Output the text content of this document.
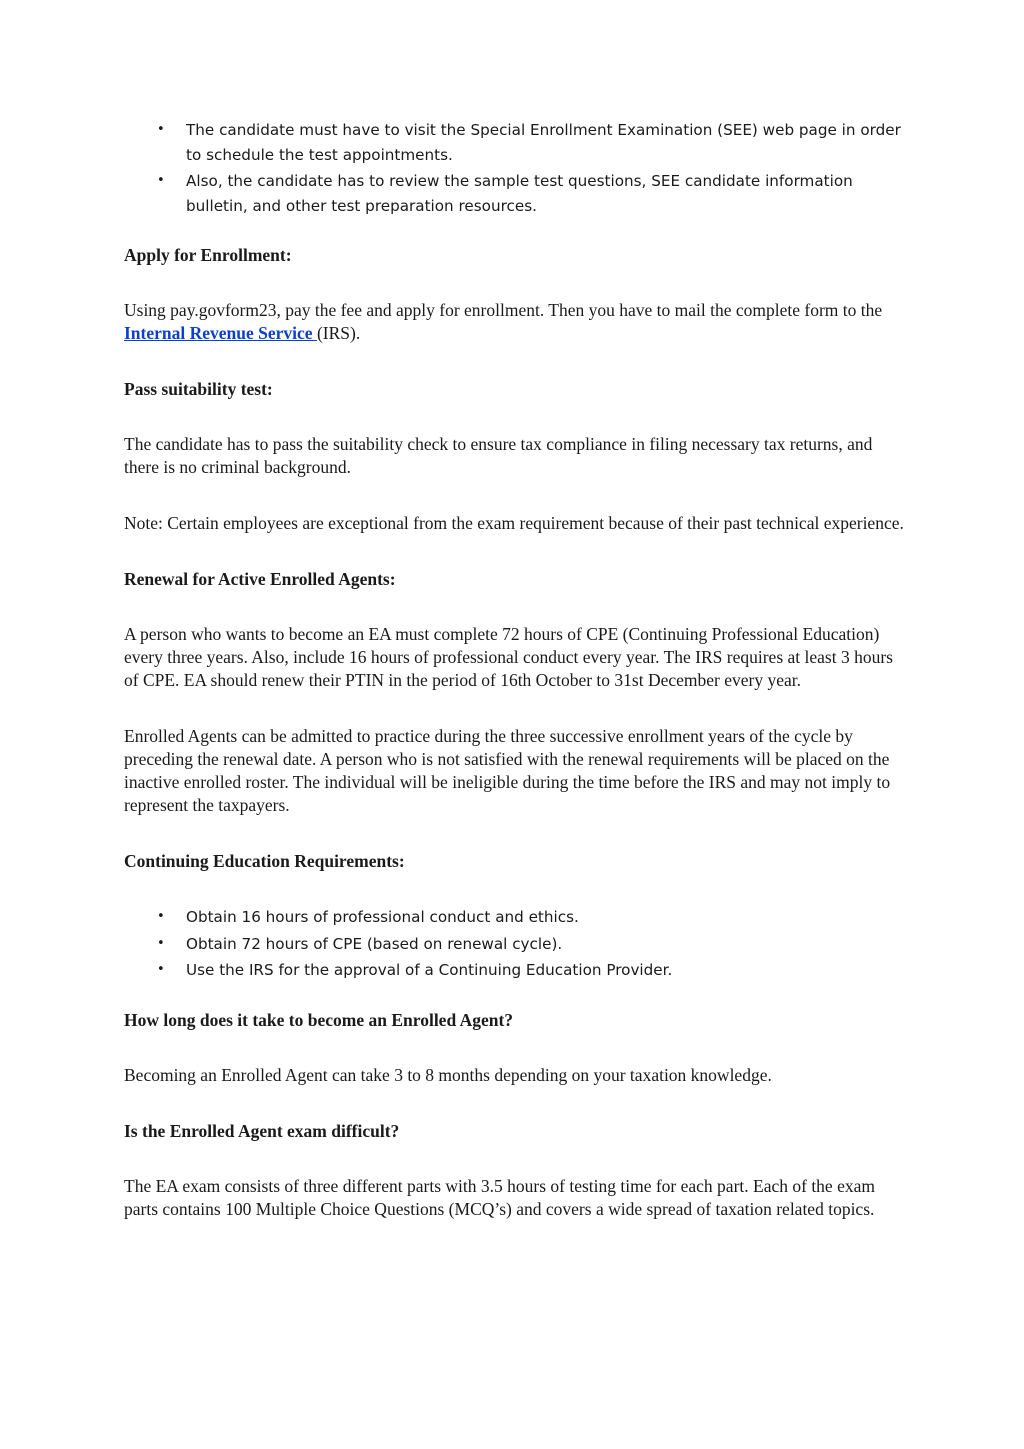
• The candidate must have to visit the Special Enrollment Examination (SEE) web page in order to schedule the test appointments.
• Also, the candidate has to review the sample test questions, SEE candidate information bulletin, and other test preparation resources.

Apply for Enrollment:

Using pay.govform23, pay the fee and apply for enrollment. Then you have to mail the complete form to the Internal Revenue Service (IRS).

Pass suitability test:

The candidate has to pass the suitability check to ensure tax compliance in filing necessary tax returns, and there is no criminal background.

Note: Certain employees are exceptional from the exam requirement because of their past technical experience.

Renewal for Active Enrolled Agents:

A person who wants to become an EA must complete 72 hours of CPE (Continuing Professional Education) every three years. Also, include 16 hours of professional conduct every year. The IRS requires at least 3 hours of CPE. EA should renew their PTIN in the period of 16th October to 31st December every year.

Enrolled Agents can be admitted to practice during the three successive enrollment years of the cycle by preceding the renewal date. A person who is not satisfied with the renewal requirements will be placed on the inactive enrolled roster. The individual will be ineligible during the time before the IRS and may not imply to represent the taxpayers.

Continuing Education Requirements:

• Obtain 16 hours of professional conduct and ethics.
• Obtain 72 hours of CPE (based on renewal cycle).
• Use the IRS for the approval of a Continuing Education Provider.

How long does it take to become an Enrolled Agent?

Becoming an Enrolled Agent can take 3 to 8 months depending on your taxation knowledge.

Is the Enrolled Agent exam difficult?

The EA exam consists of three different parts with 3.5 hours of testing time for each part. Each of the exam parts contains 100 Multiple Choice Questions (MCQ’s) and covers a wide spread of taxation related topics.
